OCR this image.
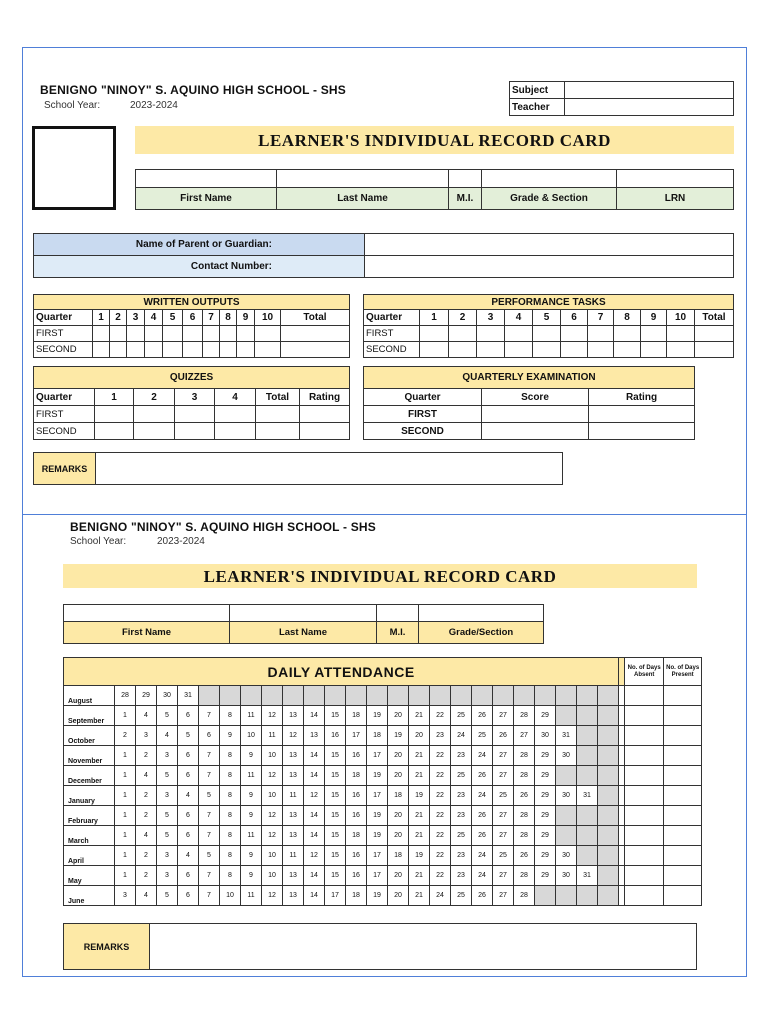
BENIGNO "NINOY" S. AQUINO HIGH SCHOOL - SHS
School Year:	2023-2024
Subject	
Teacher	
LEARNER'S INDIVIDUAL RECORD CARD

First Name	Last Name	M.I.	Grade & Section	LRN
Name of Parent or Guardian:	
Contact Number:	
WRITTEN OUTPUTS											
Quarter	1	2	3	4	5	6	7	8	9	10	Total
FIRST											
SECOND											
PERFORMANCE TASKS											
Quarter	1	2	3	4	5	6	7	8	9	10	Total
FIRST											
SECOND											
QUIZZES						
Quarter	1	2	3	4	Total	Rating
FIRST						
SECOND						
QUARTERLY EXAMINATION		
Quarter	Score	Rating
FIRST		
SECOND		
REMARKS	
BENIGNO "NINOY" S. AQUINO HIGH SCHOOL - SHS
School Year:	2023-2024
LEARNER'S INDIVIDUAL RECORD CARD

First Name	Last Name	M.I.	Grade/Section
DAILY ATTENDANCE																										No. of Days Absent	No. of Days Present
August	28	29	30	31																							
September	1	4	5	6	7	8	11	12	13	14	15	18	19	20	21	22	25	26	27	28	29						
October	2	3	4	5	6	9	10	11	12	13	16	17	18	19	20	23	24	25	26	27	30	31					
November	1	2	3	6	7	8	9	10	13	14	15	16	17	20	21	22	23	24	27	28	29	30					
December	1	4	5	6	7	8	11	12	13	14	15	18	19	20	21	22	25	26	27	28	29						
January	1	2	3	4	5	8	9	10	11	12	15	16	17	18	19	22	23	24	25	26	29	30	31				
February	1	2	5	6	7	8	9	12	13	14	15	16	19	20	21	22	23	26	27	28	29						
March	1	4	5	6	7	8	11	12	13	14	15	18	19	20	21	22	25	26	27	28	29						
April	1	2	3	4	5	8	9	10	11	12	15	16	17	18	19	22	23	24	25	26	29	30					
May	1	2	3	6	7	8	9	10	13	14	15	16	17	20	21	22	23	24	27	28	29	30	31				
June	3	4	5	6	7	10	11	12	13	14	17	18	19	20	21	24	25	26	27	28							
REMARKS	
